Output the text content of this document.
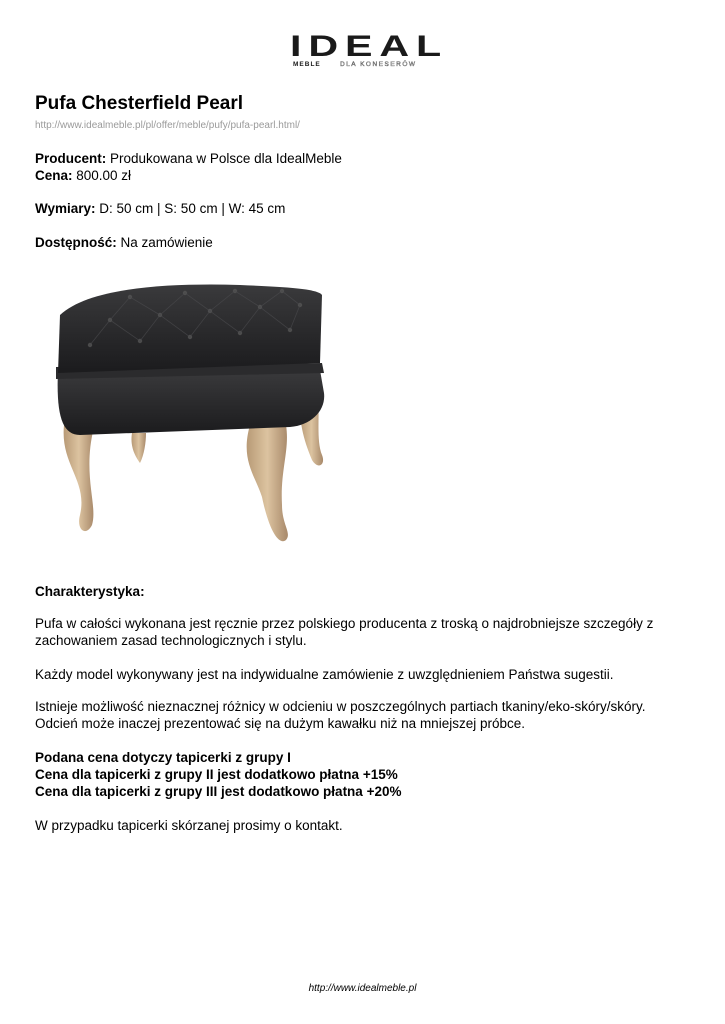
IDEAL
MEBLE	DLA KONESERÓW
Pufa Chesterfield Pearl
http://www.idealmeble.pl/pl/offer/meble/pufy/pufa-pearl.html/
Producent: Produkowana w Polsce dla IdealMeble
Cena: 800.00 zł
Wymiary: D: 50 cm | S: 50 cm | W: 45 cm
Dostępność: Na zamówienie
Charakterystyka:
Pufa w całości wykonana jest ręcznie przez polskiego producenta z troską o najdrobniejsze szczegóły z zachowaniem zasad technologicznych i stylu.
Każdy model wykonywany jest na indywidualne zamówienie z uwzględnieniem Państwa sugestii.
Istnieje możliwość nieznacznej różnicy w odcieniu w poszczególnych partiach tkaniny/eko-skóry/skóry. Odcień może inaczej prezentować się na dużym kawałku niż na mniejszej próbce.
Podana cena dotyczy tapicerki z grupy I
Cena dla tapicerki z grupy II jest dodatkowo płatna +15%
Cena dla tapicerki z grupy III jest dodatkowo płatna +20%
W przypadku tapicerki skórzanej prosimy o kontakt.
http://www.idealmeble.pl
